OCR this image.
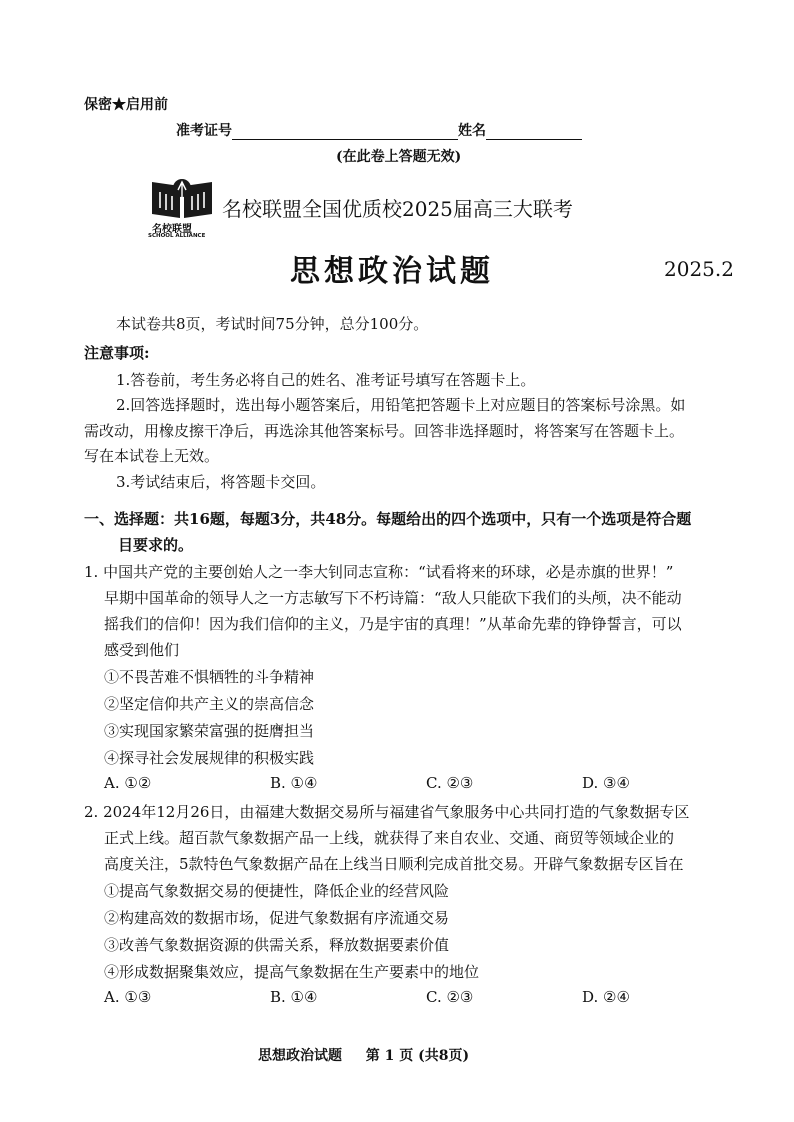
保密★启用前
准考证号	姓名
(在此卷上答题无效)
名校联盟
SCHOOL ALLIANCE
名校联盟全国优质校2025届高三大联考
思想政治试题	2025.2
本试卷共8页，考试时间75分钟，总分100分。
注意事项:
1.答卷前，考生务必将自己的姓名、准考证号填写在答题卡上。
2.回答选择题时，选出每小题答案后，用铅笔把答题卡上对应题目的答案标号涂黑。如
需改动，用橡皮擦干净后，再选涂其他答案标号。回答非选择题时，将答案写在答题卡上。
写在本试卷上无效。
3.考试结束后，将答题卡交回。
一、选择题：共16题，每题3分，共48分。每题给出的四个选项中，只有一个选项是符合题
目要求的。
1. 中国共产党的主要创始人之一李大钊同志宣称：“试看将来的环球，必是赤旗的世界！”
早期中国革命的领导人之一方志敏写下不朽诗篇：“敌人只能砍下我们的头颅，决不能动
摇我们的信仰！因为我们信仰的主义，乃是宇宙的真理！”从革命先辈的铮铮誓言，可以
感受到他们
①不畏苦难不惧牺牲的斗争精神
②坚定信仰共产主义的崇高信念
③实现国家繁荣富强的挺膺担当
④探寻社会发展规律的积极实践
A. ①②	B. ①④	C. ②③	D. ③④
2. 2024年12月26日，由福建大数据交易所与福建省气象服务中心共同打造的气象数据专区
正式上线。超百款气象数据产品一上线，就获得了来自农业、交通、商贸等领域企业的
高度关注，5款特色气象数据产品在上线当日顺利完成首批交易。开辟气象数据专区旨在
①提高气象数据交易的便捷性，降低企业的经营风险
②构建高效的数据市场，促进气象数据有序流通交易
③改善气象数据资源的供需关系，释放数据要素价值
④形成数据聚集效应，提高气象数据在生产要素中的地位
A. ①③	B. ①④	C. ②③	D. ②④
思想政治试题 第 1 页 (共8页)
